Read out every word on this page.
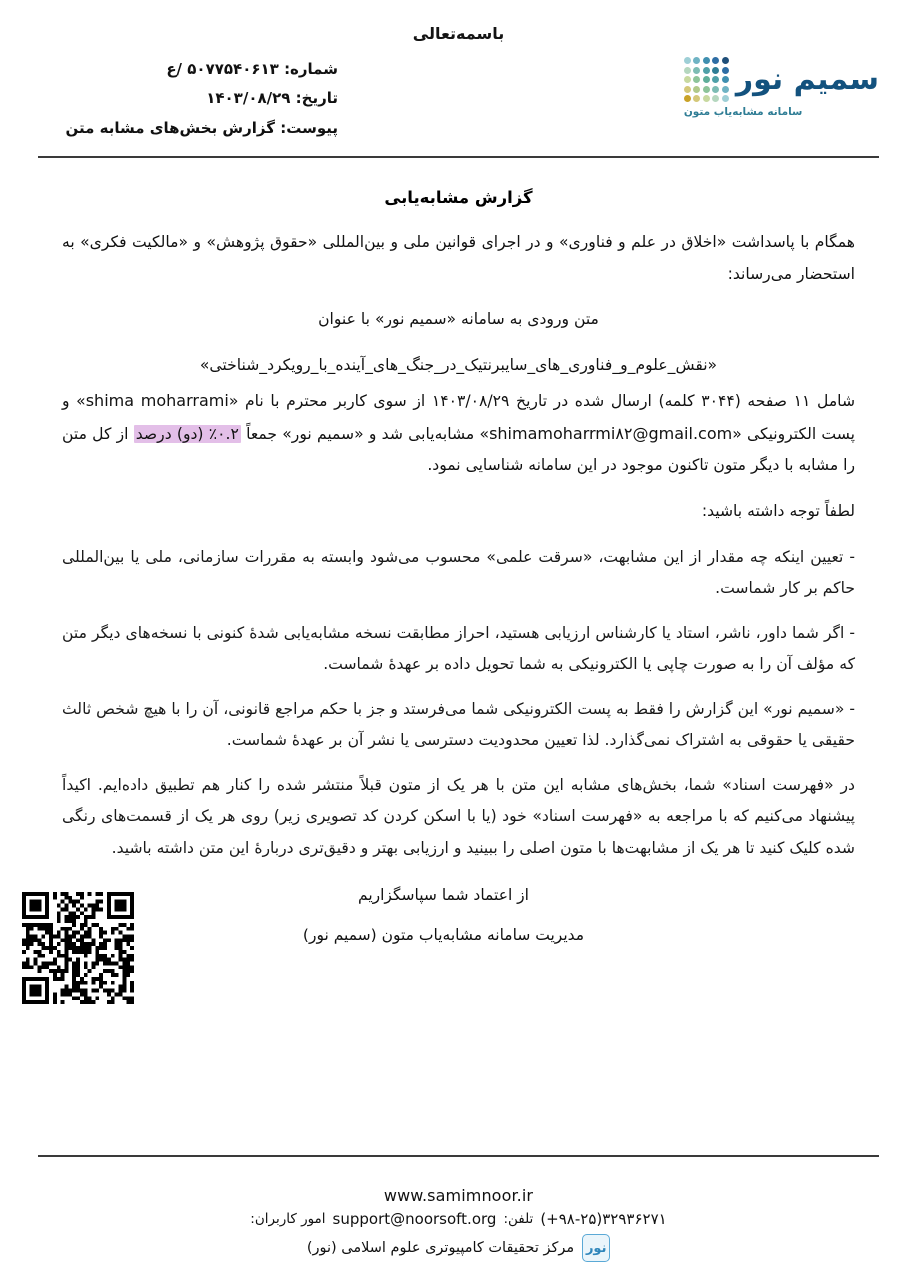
باسمه‌تعالی
شماره: ۵۰۷۷۵۴۰۶۱۳ /ع
تاریخ: ۱۴۰۳/۰۸/۲۹
پیوست: گزارش بخش‌های مشابه متن
سمیم نور
سامانه مشابه‌یاب متون
گزارش مشابه‌یابی

همگام با پاسداشت «اخلاق در علم و فناوری» و در اجرای قوانین ملی و بین‌المللی «حقوق پژوهش» و «مالکیت فکری» به استحضار می‌رساند:

متن ورودی به سامانه «سمیم نور» با عنوان

«نقش_علوم_و_فناوری_های_سایبرنتیک_در_جنگ_های_آینده_با_رویکرد_شناختی»

شامل ۱۱ صفحه (۳۰۴۴ کلمه) ارسال شده در تاریخ ۱۴۰۳/۰۸/۲۹ از سوی کاربر محترم با نام «shima moharrami» و پست الکترونیکی «shimamoharrmi۸۲@gmail.com» مشابه‌یابی شد و «سمیم نور» جمعاً ۰.۲٪ (دو) درصد از کل متن را مشابه با دیگر متون تاکنون موجود در این سامانه شناسایی نمود.

لطفاً توجه داشته باشید:

- تعیین اینکه چه مقدار از این مشابهت، «سرقت علمی» محسوب می‌شود وابسته به مقررات سازمانی، ملی یا بین‌المللی حاکم بر کار شماست.

- اگر شما داور، ناشر، استاد یا کارشناس ارزیابی هستید، احراز مطابقت نسخه مشابه‌یابی شدۀ کنونی با نسخه‌های دیگر متن که مؤلف آن را به صورت چاپی یا الکترونیکی به شما تحویل داده بر عهدۀ شماست.

- «سمیم نور» این گزارش را فقط به پست الکترونیکی شما می‌فرستد و جز با حکم مراجع قانونی، آن را با هیچ شخص ثالث حقیقی یا حقوقی به اشتراک نمی‌گذارد. لذا تعیین محدودیت دسترسی یا نشر آن بر عهدۀ شماست.

در «فهرست اسناد» شما، بخش‌های مشابه این متن با هر یک از متون قبلاً منتشر شده را کنار هم تطبیق داده‌ایم. اکیداً پیشنهاد می‌کنیم که با مراجعه به «فهرست اسناد» خود (یا با اسکن کردن کد تصویری زیر) روی هر یک از قسمت‌های رنگی شده کلیک کنید تا هر یک از مشابهت‌ها با متون اصلی را ببینید و ارزیابی بهتر و دقیق‌تری دربارۀ این متن داشته باشید.

از اعتماد شما سپاسگزاریم
مدیریت سامانه مشابه‌یاب متون (سمیم نور)
www.samimnoor.ir
(+۹۸-۲۵)۳۲۹۳۶۲۷۱
تلفن:
support@noorsoft.org
امور کاربران:
نور
مرکز تحقیقات کامپیوتری علوم اسلامی (نور)
